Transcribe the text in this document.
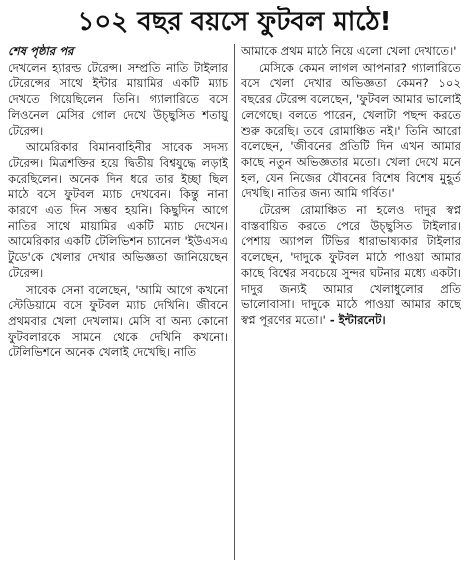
১০২ বছর বয়সে ফুটবল মাঠে!
শেষ পৃষ্ঠার পর

দেখলেন হ্যারল্ড টেরেন্স। সম্প্রতি নাতি টাইলার টেরেন্সের সাথে ইন্টার মায়ামির একটি ম্যাচ দেখতে গিয়েছিলেন তিনি। গ্যালারিতে বসে লিওনেল মেসির গোল দেখে উচ্ছ্বসিত শতায়ু টেরেন্স।

আমেরিকার বিমানবাহিনীর সাবেক সদস্য টেরেন্স। মিত্রশক্তির হয়ে দ্বিতীয় বিশ্বযুদ্ধে লড়াই করেছিলেন। অনেক দিন ধরে তার ইচ্ছা ছিল মাঠে বসে ফুটবল ম্যাচ দেখবেন। কিন্তু নানা কারণে এত দিন সম্ভব হয়নি। কিছুদিন আগে নাতির সাথে মায়ামির একটি ম্যাচ দেখেন। আমেরিকার একটি টেলিভিশন চ্যানেল 'ইউএসএ টুডে'কে খেলার দেখার অভিজ্ঞতা জানিয়েছেন টেরেন্স।

সাবেক সেনা বলেছেন, 'আমি আগে কখনো স্টেডিয়ামে বসে ফুটবল ম্যাচ দেখিনি। জীবনে প্রথমবার খেলা দেখলাম। মেসি বা অন্য কোনো ফুটবলারকে সামনে থেকে দেখিনি কখনো। টেলিভিশনে অনেক খেলাই দেখেছি। নাতি

আমাকে প্রথম মাঠে নিয়ে এলো খেলা দেখাতে।'

মেসিকে কেমন লাগল আপনার? গ্যালারিতে বসে খেলা দেখার অভিজ্ঞতা কেমন? ১০২ বছরের টেরেন্স বলেছেন, 'ফুটবল আমার ভালোই লেগেছে। বলতে পারেন, খেলাটা পছন্দ করতে শুরু করেছি। তবে রোমাঞ্চিত নই।' তিনি আরো বলেছেন, 'জীবনের প্রতিটি দিন এখন আমার কাছে নতুন অভিজ্ঞতার মতো। খেলা দেখে মনে হল, যেন নিজের যৌবনের বিশেষ বিশেষ মুহূর্ত দেখছি। নাতির জন্য আমি গর্বিত।'

টেরেন্স রোমাঞ্চিত না হলেও দাদুর স্বপ্ন বাস্তবায়িত করতে পেরে উচ্ছ্বসিত টাইলার। পেশায় অ্যাপল টিভির ধারাভাষ্যকার টাইলার বলেছেন, 'দাদুকে ফুটবল মাঠে পাওয়া আমার কাছে বিশ্বের সবচেয়ে সুন্দর ঘটনার মধ্যে একটা। দাদুর জন্যই আমার খেলাধুলোর প্রতি ভালোবাসা। দাদুকে মাঠে পাওয়া আমার কাছে স্বপ্ন পূরণের মতো।' - ইন্টারনেট।
